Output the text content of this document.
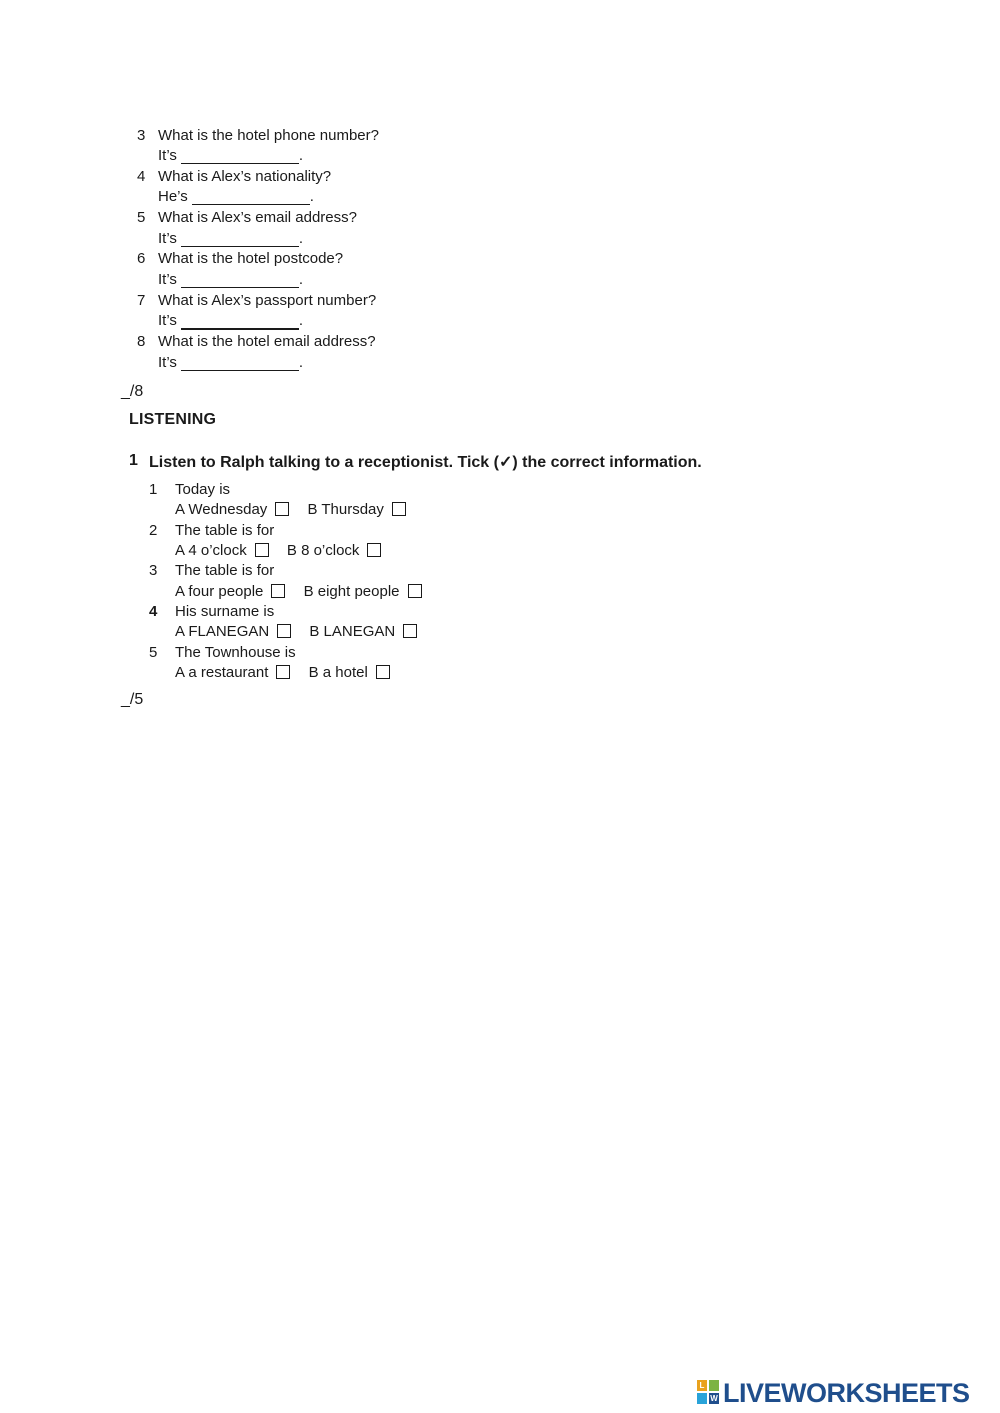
3 What is the hotel phone number?
It’s	.
4 What is Alex’s nationality?
He’s	.
5 What is Alex’s email address?
It’s	.
6 What is the hotel postcode?
It’s	.
7 What is Alex’s passport number?
It’s	.
8 What is the hotel email address?
It’s	.
_/8
LISTENING
1 Listen to Ralph talking to a receptionist. Tick (✓) the correct information.
1 Today is
A Wednesday	B Thursday
2 The table is for
A 4 o’clock	B 8 o’clock
3 The table is for
A four people	B eight people
4 His surname is
A FLANEGAN	B LANEGAN
5 The Townhouse is
A a restaurant	B a hotel
_/5
L
W LIVEWORKSHEETS
